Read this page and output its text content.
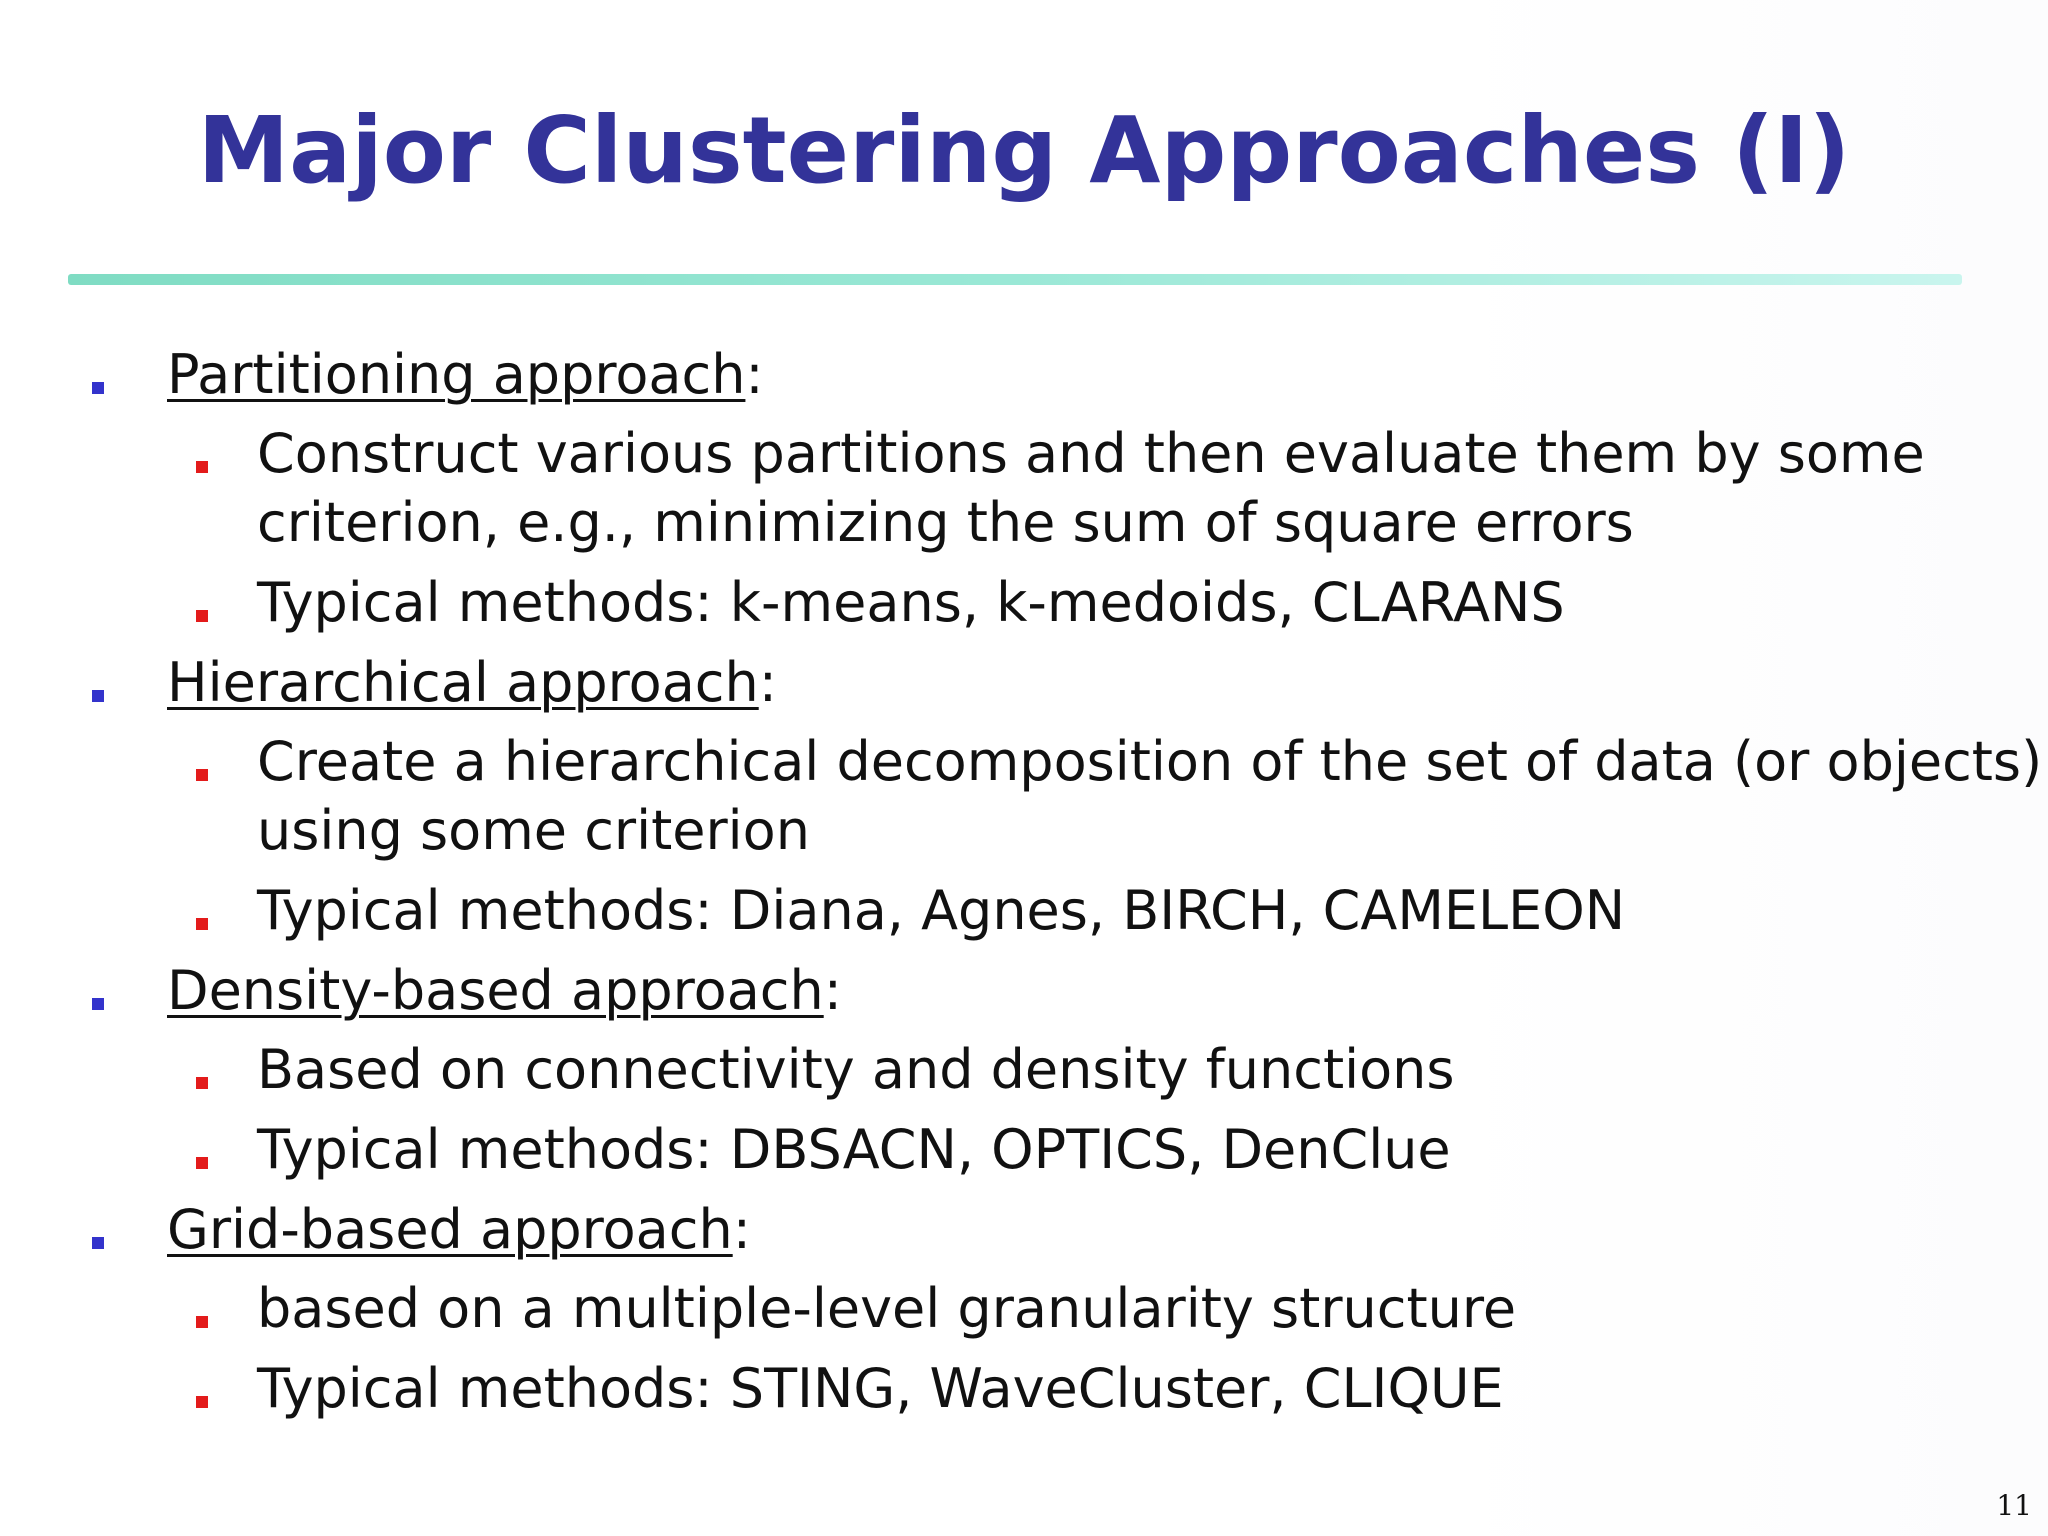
Major Clustering Approaches (I)
Partitioning approach:
Construct various partitions and then evaluate them by some
criterion, e.g., minimizing the sum of square errors
Typical methods: k-means, k-medoids, CLARANS
Hierarchical approach:
Create a hierarchical decomposition of the set of data (or objects)
using some criterion
Typical methods: Diana, Agnes, BIRCH, CAMELEON
Density-based approach:
Based on connectivity and density functions
Typical methods: DBSACN, OPTICS, DenClue
Grid-based approach:
based on a multiple-level granularity structure
Typical methods: STING, WaveCluster, CLIQUE
11
